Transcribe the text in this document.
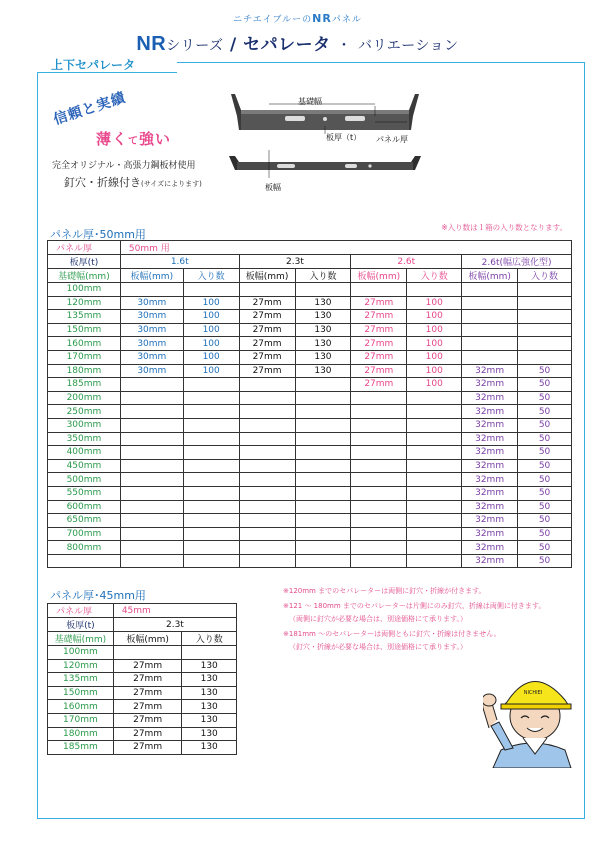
ニチエイブルーのNRパネル
NRシリーズ / セパレータ ・ バリエーション
上下セパレータ
信頼と実績
薄くて強い
完全オリジナル・高張力鋼板材使用
釘穴・折線付き(サイズによります)
基礎幅
板厚（t） パネル厚
板幅
※入り数は１箱の入り数となります。
パネル厚･50mm用
パネル厚	50mm 用							
板厚(t)	1.6t		2.3t		2.6t		2.6t(幅広強化型)	
基礎幅(mm)	板幅(mm)	入り数	板幅(mm)	入り数	板幅(mm)	入り数	板幅(mm)	入り数
100mm								
120mm	30mm	100	27mm	130	27mm	100		
135mm	30mm	100	27mm	130	27mm	100		
150mm	30mm	100	27mm	130	27mm	100		
160mm	30mm	100	27mm	130	27mm	100		
170mm	30mm	100	27mm	130	27mm	100		
180mm	30mm	100	27mm	130	27mm	100	32mm	50
185mm					27mm	100	32mm	50
200mm							32mm	50
250mm							32mm	50
300mm							32mm	50
350mm							32mm	50
400mm							32mm	50
450mm							32mm	50
500mm							32mm	50
550mm							32mm	50
600mm							32mm	50
650mm							32mm	50
700mm							32mm	50
800mm							32mm	50
							32mm	50
パネル厚･45mm用
パネル厚	45mm	
板厚(t)	2.3t	
基礎幅(mm)	板幅(mm)	入り数
100mm		
120mm	27mm	130
135mm	27mm	130
150mm	27mm	130
160mm	27mm	130
170mm	27mm	130
180mm	27mm	130
185mm	27mm	130

※120mm までのセパレーターは両側に釘穴・折線が付きます。

※121 ～ 180mm までのセパレーターは片側にのみ釘穴、折線は両側に付きます。

（両側に釘穴が必要な場合は、別途価格にて承ります。）

※181mm ～のセパレーターは両側ともに釘穴・折線は付きません。

（釘穴・折線が必要な場合は、別途価格にて承ります。）

NICHIEI
